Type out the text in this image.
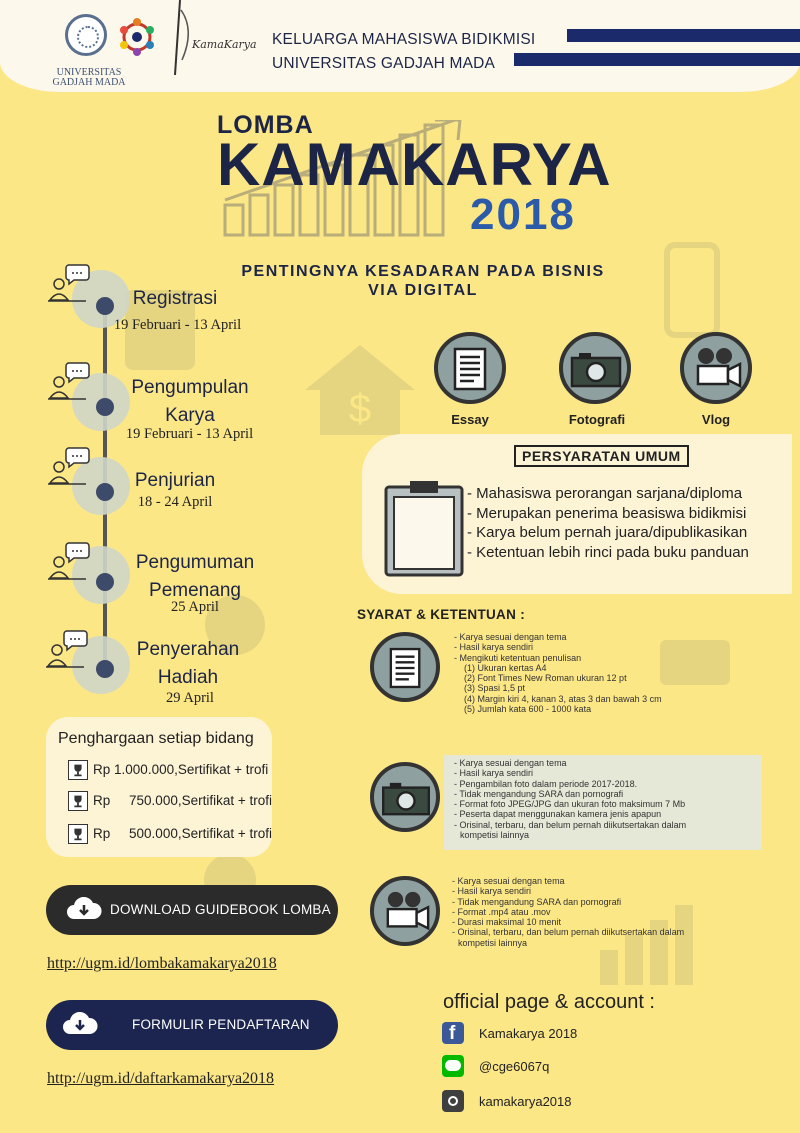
$
UNIVERSITAS
GADJAH MADA
KamaKarya KELUARGA MAHASISWA BIDIKMISI
UNIVERSITAS GADJAH MADA
LOMBA
KAMAKARYA
2018
PENTINGNYA KESADARAN PADA BISNIS
VIA DIGITAL
Registrasi
19 Februari - 13 April
Pengumpulan
Karya
19 Februari - 13 April
Penjurian
18 - 24 April
Pengumuman
Pemenang
25 April
Penyerahan
Hadiah
29 April
Penghargaan setiap bidang
Rp 1.000.000,Sertifikat + trofi
Rp 750.000,Sertifikat + trofi
Rp 500.000,Sertifikat + trofi
DOWNLOAD GUIDEBOOK LOMBA
http://ugm.id/lombakamakarya2018
FORMULIR PENDAFTARAN
http://ugm.id/daftarkamakarya2018
Essay	Fotografi	Vlog
PERSYARATAN UMUM
- Mahasiswa perorangan sarjana/diploma
- Merupakan penerima beasiswa bidikmisi
- Karya belum pernah juara/dipublikasikan
- Ketentuan lebih rinci pada buku panduan
SYARAT & KETENTUAN :
- Karya sesuai dengan tema
- Hasil karya sendiri
- Mengikuti ketentuan penulisan
(1) Ukuran kertas A4
(2) Font Times New Roman ukuran 12 pt
(3) Spasi 1,5 pt
(4) Margin kiri 4, kanan 3, atas 3 dan bawah 3 cm
(5) Jumlah kata 600 - 1000 kata
- Karya sesuai dengan tema
- Hasil karya sendiri
- Pengambilan foto dalam periode 2017-2018.
- Tidak mengandung SARA dan pornografi
- Format foto JPEG/JPG dan ukuran foto maksimum 7 Mb
- Peserta dapat menggunakan kamera jenis apapun
- Orisinal, terbaru, dan belum pernah diikutsertakan dalam
kompetisi lainnya
- Karya sesuai dengan tema
- Hasil karya sendiri
- Tidak mengandung SARA dan pornografi
- Format .mp4 atau .mov
- Durasi maksimal 10 menit
- Orisinal, terbaru, dan belum pernah diikutsertakan dalam
kompetisi lainnya
official page & account :
f Kamakarya 2018
@cge6067q
kamakarya2018
